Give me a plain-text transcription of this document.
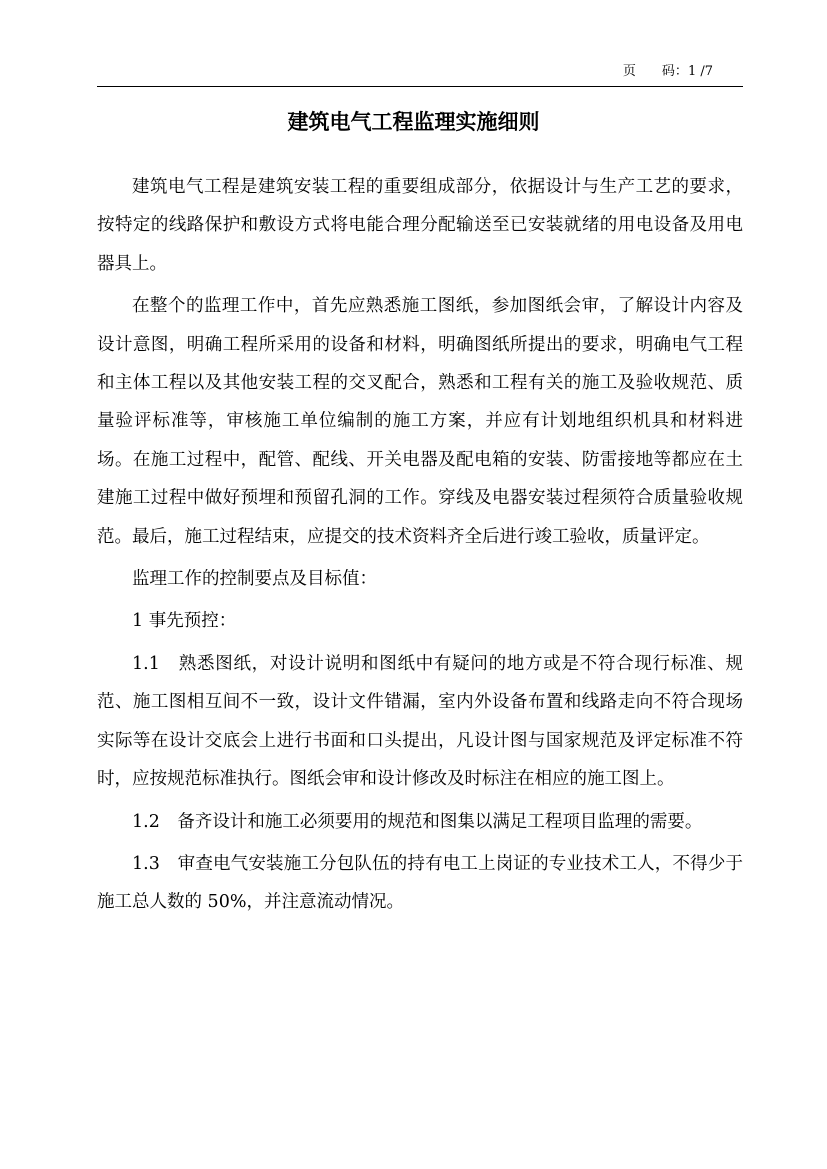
页 码：1 /7
建筑电气工程监理实施细则

建筑电气工程是建筑安装工程的重要组成部分，依据设计与生产工艺的要求，按特定的线路保护和敷设方式将电能合理分配输送至已安装就绪的用电设备及用电器具上。

在整个的监理工作中，首先应熟悉施工图纸，参加图纸会审，了解设计内容及设计意图，明确工程所采用的设备和材料，明确图纸所提出的要求，明确电气工程和主体工程以及其他安装工程的交叉配合，熟悉和工程有关的施工及验收规范、质量验评标准等，审核施工单位编制的施工方案，并应有计划地组织机具和材料进场。在施工过程中，配管、配线、开关电器及配电箱的安装、防雷接地等都应在土建施工过程中做好预埋和预留孔洞的工作。穿线及电器安装过程须符合质量验收规范。最后，施工过程结束，应提交的技术资料齐全后进行竣工验收，质量评定。

监理工作的控制要点及目标值：

1 事先预控：

1.1　熟悉图纸，对设计说明和图纸中有疑问的地方或是不符合现行标准、规范、施工图相互间不一致，设计文件错漏，室内外设备布置和线路走向不符合现场实际等在设计交底会上进行书面和口头提出，凡设计图与国家规范及评定标准不符时，应按规范标准执行。图纸会审和设计修改及时标注在相应的施工图上。

1.2　备齐设计和施工必须要用的规范和图集以满足工程项目监理的需要。

1.3　审查电气安装施工分包队伍的持有电工上岗证的专业技术工人，不得少于施工总人数的 50%，并注意流动情况。
